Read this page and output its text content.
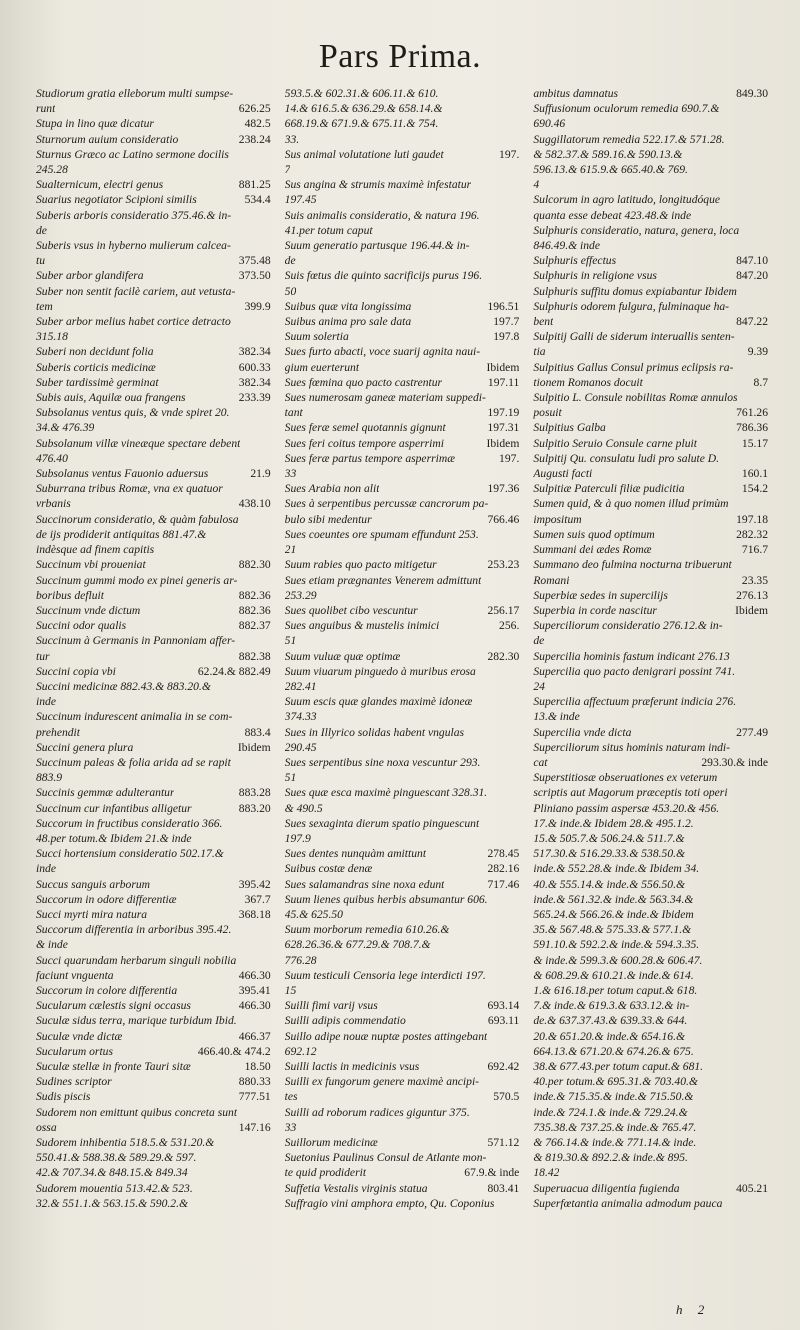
Pars Prima.
Studiorum gratia elleborum multi sumpse-
runt	626.25
Stupa in lino quæ dicatur	482.5
Sturnorum auium consideratio	238.24
Sturnus Græco ac Latino sermone docilis
245.28
Sualternicum, electri genus	881.25
Suarius negotiator Scipioni similis	534.4
Suberis arboris consideratio 375.46.& in-
de
Suberis vsus in hyberno mulierum calcea-
tu	375.48
Suber arbor glandifera	373.50
Suber non sentit facilè cariem, aut vetusta-
tem	399.9
Suber arbor melius habet cortice detracto
315.18
Suberi non decidunt folia	382.34
Suberis corticis medicinæ	600.33
Suber tardissimè germinat	382.34
Subis auis, Aquilæ oua frangens	233.39
Subsolanus ventus quis, & vnde spiret 20.
34.& 476.39
Subsolanum villæ vineæque spectare debent
476.40
Subsolanus ventus Fauonio aduersus	21.9
Suburrana tribus Romæ, vna ex quatuor
vrbanis	438.10
Succinorum consideratio, & quàm fabulosa
de ijs prodiderit antiquitas 881.47.&
indèsque ad finem capitis
Succinum vbi proueniat	882.30
Succinum gummi modo ex pinei generis ar-
boribus defluit	882.36
Succinum vnde dictum	882.36
Succini odor qualis	882.37
Succinum à Germanis in Pannoniam affer-
tur	882.38
Succini copia vbi	62.24.& 882.49
Succini medicinæ 882.43.& 883.20.&
inde
Succinum indurescent animalia in se com-
prehendit	883.4
Succini genera plura	Ibidem
Succinum paleas & folia arida ad se rapit
883.9
Succinis gemmæ adulterantur	883.28
Succinum cur infantibus alligetur	883.20
Succorum in fructibus consideratio 366.
48.per totum.& Ibidem 21.& inde
Succi hortensium consideratio 502.17.&
inde
Succus sanguis arborum	395.42
Succorum in odore differentiæ	367.7
Succi myrti mira natura	368.18
Succorum differentia in arboribus 395.42.
& inde
Succi quarundam herbarum singuli nobilia
faciunt vnguenta	466.30
Succorum in colore differentia	395.41
Sucularum cælestis signi occasus	466.30
Suculæ sidus terra, marique turbidum Ibid.
Suculæ vnde dictæ	466.37
Sucularum ortus	466.40.& 474.2
Suculæ stellæ in fronte Tauri sitæ	18.50
Sudines scriptor	880.33
Sudis piscis	777.51
Sudorem non emittunt quibus concreta sunt
ossa	147.16
Sudorem inhibentia 518.5.& 531.20.&
550.41.& 588.38.& 589.29.& 597.
42.& 707.34.& 848.15.& 849.34
Sudorem mouentia 513.42.& 523.
32.& 551.1.& 563.15.& 590.2.&
593.5.& 602.31.& 606.11.& 610.
14.& 616.5.& 636.29.& 658.14.&
668.19.& 671.9.& 675.11.& 754.
33.
Sus animal volutatione luti gaudet	197.
7
Sus angina & strumis maximè infestatur
197.45
Suis animalis consideratio, & natura 196.
41.per totum caput
Suum generatio partusque 196.44.& in-
de
Suis fœtus die quinto sacrificijs purus 196.
50
Suibus quæ vita longissima	196.51
Suibus anima pro sale data	197.7
Suum solertia	197.8
Sues furto abacti, voce suarij agnita naui-
gium euerterunt	Ibidem
Sues fœmina quo pacto castrentur	197.11
Sues numerosam ganeæ materiam suppedi-
tant	197.19
Sues feræ semel quotannis gignunt	197.31
Sues feri coitus tempore asperrimi	Ibidem
Sues feræ partus tempore asperrimæ	197.
33
Sues Arabia non alit	197.36
Sues à serpentibus percussæ cancrorum pa-
bulo sibi medentur	766.46
Sues coeuntes ore spumam effundunt 253.
21
Suum rabies quo pacto mitigetur	253.23
Sues etiam prægnantes Venerem admittunt
253.29
Sues quolibet cibo vescuntur	256.17
Sues anguibus & mustelis inimici	256.
51
Suum vuluæ quæ optimæ	282.30
Suum viuarum pinguedo à muribus erosa
282.41
Suum escis quæ glandes maximè idoneæ
374.33
Sues in Illyrico solidas habent vngulas
290.45
Sues serpentibus sine noxa vescuntur 293.
51
Sues quæ esca maximè pinguescant 328.31.
& 490.5
Sues sexaginta dierum spatio pinguescunt
197.9
Sues dentes nunquàm amittunt	278.45
Suibus costæ denæ	282.16
Sues salamandras sine noxa edunt	717.46
Suum lienes quibus herbis absumantur 606.
45.& 625.50
Suum morborum remedia 610.26.&
628.26.36.& 677.29.& 708.7.&
776.28
Suum testiculi Censoria lege interdicti 197.
15
Suilli fimi varij vsus	693.14
Suilli adipis commendatio	693.11
Suillo adipe nouæ nuptæ postes attingebant
692.12
Suilli lactis in medicinis vsus	692.42
Suilli ex fungorum genere maximè ancipi-
tes	570.5
Suilli ad roborum radices giguntur 375.
33
Suillorum medicinæ	571.12
Suetonius Paulinus Consul de Atlante mon-
te quid prodiderit	67.9.& inde
Suffetia Vestalis virginis statua	803.41
Suffragio vini amphora empto, Qu. Coponius
ambitus damnatus	849.30
Suffusionum oculorum remedia 690.7.&
690.46
Suggillatorum remedia 522.17.& 571.28.
& 582.37.& 589.16.& 590.13.&
596.13.& 615.9.& 665.40.& 769.
4
Sulcorum in agro latitudo, longitudóque
quanta esse debeat 423.48.& inde
Sulphuris consideratio, natura, genera, loca
846.49.& inde
Sulphuris effectus	847.10
Sulphuris in religione vsus	847.20
Sulphuris suffitu domus expiabantur Ibidem
Sulphuris odorem fulgura, fulminaque ha-
bent	847.22
Sulpitij Galli de siderum interuallis senten-
tia	9.39
Sulpitius Gallus Consul primus eclipsis ra-
tionem Romanos docuit	8.7
Sulpitio L. Consule nobilitas Romæ annulos
posuit	761.26
Sulpitius Galba	786.36
Sulpitio Seruio Consule carne pluit	15.17
Sulpitij Qu. consulatu ludi pro salute D.
Augusti facti	160.1
Sulpitiæ Paterculi filiæ pudicitia	154.2
Sumen quid, & à quo nomen illud primùm
impositum	197.18
Sumen suis quod optimum	282.32
Summani dei ædes Romæ	716.7
Summano deo fulmina nocturna tribuerunt
Romani	23.35
Superbiæ sedes in supercilijs	276.13
Superbia in corde nascitur	Ibidem
Superciliorum consideratio 276.12.& in-
de
Supercilia hominis fastum indicant 276.13
Supercilia quo pacto denigrari possint 741.
24
Supercilia affectuum præferunt indicia 276.
13.& inde
Supercilia vnde dicta	277.49
Superciliorum situs hominis naturam indi-
cat	293.30.& inde
Superstitiosæ obseruationes ex veterum
scriptis aut Magorum præceptis toti operi
Pliniano passim aspersæ 453.20.& 456.
17.& inde.& Ibidem 28.& 495.1.2.
15.& 505.7.& 506.24.& 511.7.&
517.30.& 516.29.33.& 538.50.&
inde.& 552.28.& inde.& Ibidem 34.
40.& 555.14.& inde.& 556.50.&
inde.& 561.32.& inde.& 563.34.&
565.24.& 566.26.& inde.& Ibidem
35.& 567.48.& 575.33.& 577.1.&
591.10.& 592.2.& inde.& 594.3.35.
& inde.& 599.3.& 600.28.& 606.47.
& 608.29.& 610.21.& inde.& 614.
1.& 616.18.per totum caput.& 618.
7.& inde.& 619.3.& 633.12.& in-
de.& 637.37.43.& 639.33.& 644.
20.& 651.20.& inde.& 654.16.&
664.13.& 671.20.& 674.26.& 675.
38.& 677.43.per totum caput.& 681.
40.per totum.& 695.31.& 703.40.&
inde.& 715.35.& inde.& 715.50.&
inde.& 724.1.& inde.& 729.24.&
735.38.& 737.25.& inde.& 765.47.
& 766.14.& inde.& 771.14.& inde.
& 819.30.& 892.2.& inde.& 895.
18.42
Superuacua diligentia fugienda	405.21
Superfœtantia animalia admodum pauca
h 2
